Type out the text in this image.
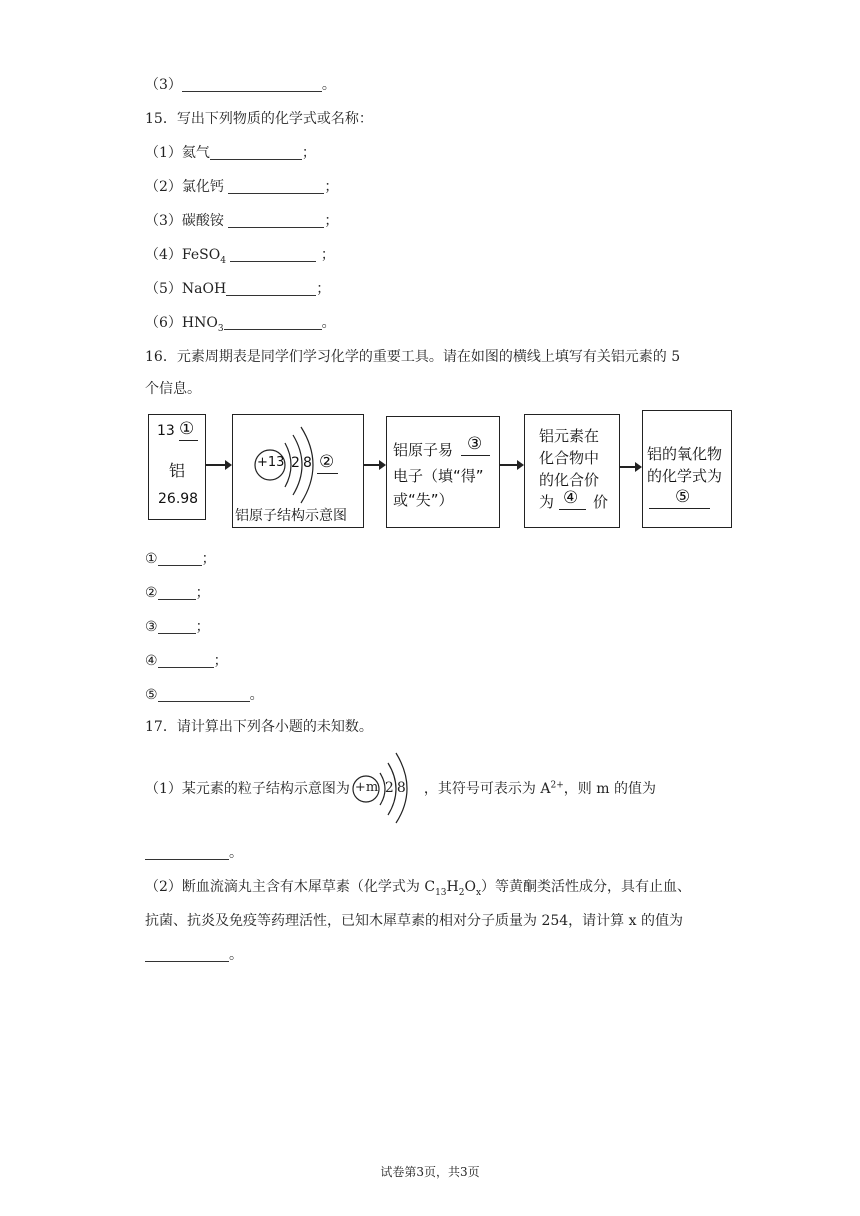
（3）	。
15．写出下列物质的化学式或名称：
（1）氦气	；
（2）氯化钙	；
（3）碳酸铵	；
（4）FeSO$_4$	；
（5）NaOH	；
$(6)HNO_3$	。
16．元素周期表是同学们学习化学的重要工具。请在如图的横线上填写有关铝元素的 5
个信息。
13 ①
铝
26.98
+13 2 8 ②
铝原子结构示意图
铝原子易 ③
电子（填“得”
或“失”）
铝元素在
化合物中
的化合价
为 ④ 价
铝的氧化物
的化学式为
⑤
①	；
②	；
③	；
④	；
⑤	。
17．请计算出下列各小题的未知数。
（1）某元素的粒子结构示意图为 +m 2 8 ，其符号可表示为 $A^{2+}$，则 m 的值为
。
（2）断血流滴丸主含有木犀草素（化学式为 $C_{13}H_2O_x$）等黄酮类活性成分，具有止血、
抗菌、抗炎及免疫等药理活性，已知木犀草素的相对分子质量为 254，请计算 x 的值为
。
试卷第3页，共3页
